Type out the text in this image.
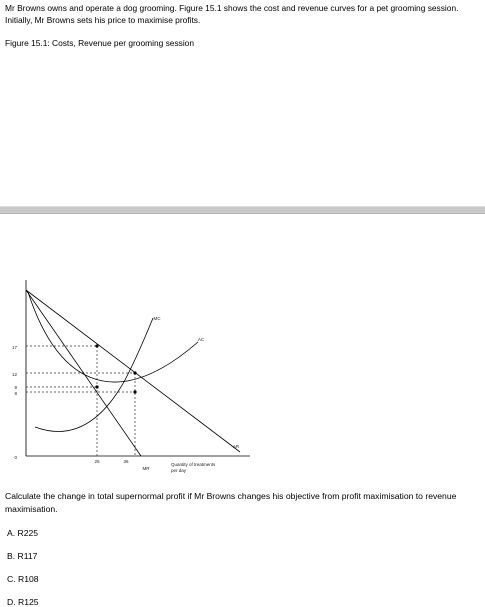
Mr Browns owns and operate a dog grooming. Figure 15.1 shows the cost and revenue curves for a pet grooming session.
Initially, Mr Browns sets his price to maximise profits.
Figure 15.1: Costs, Revenue per grooming session
17
12
9
8
0
25	36
MC
AC
AR
MR
Quantity of treatments
per day
Calculate the change in total supernormal profit if Mr Browns changes his objective from profit maximisation to revenue maximisation.
A. R225
B. R117
C. R108
D. R125
